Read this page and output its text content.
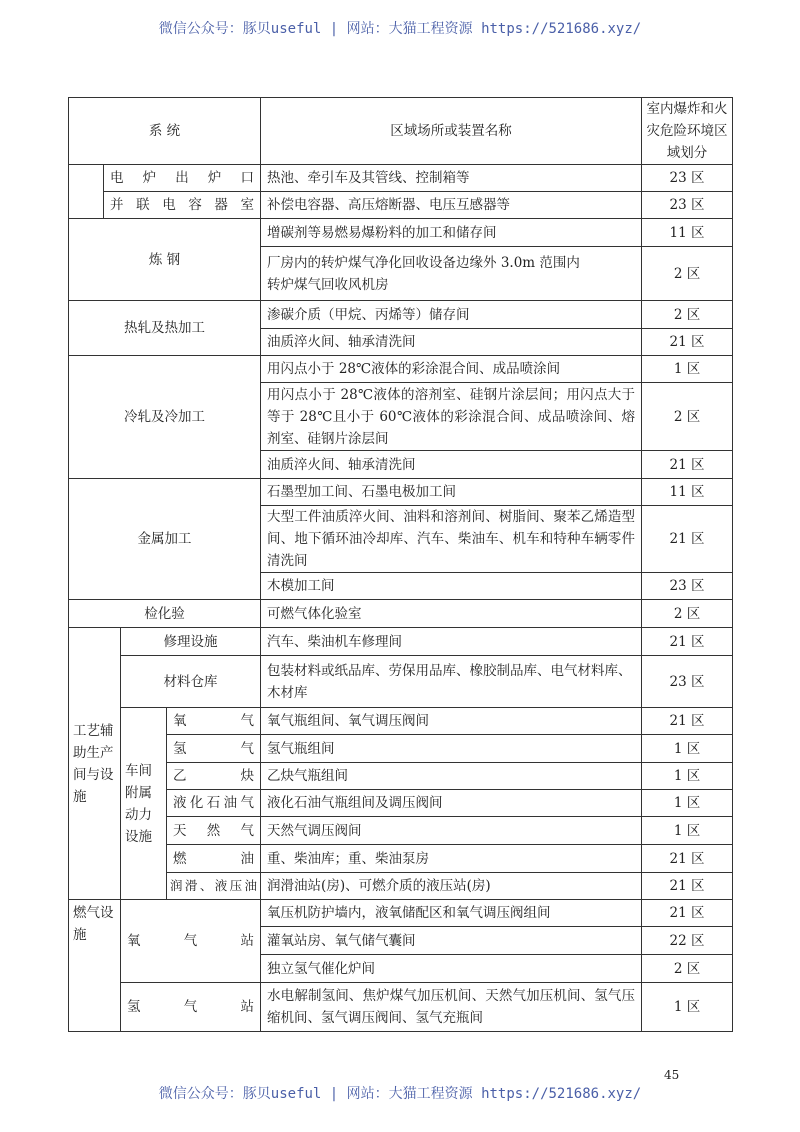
微信公众号：豚贝useful | 网站：大猫工程资源 https://521686.xyz/
系 统				区域场所或装置名称	室内爆炸和火灾危险环境区域划分
	电炉出炉口			热池、牵引车及其管线、控制箱等	23 区
	并联电容器室			补偿电容器、高压熔断器、电压互感器等	23 区
炼 钢				增碳剂等易燃易爆粉料的加工和储存间	11 区

				厂房内的转炉煤气净化回收设备边缘外 3.0m 范围内
转炉煤气回收风机房	2 区
热轧及热加工				渗碳介质（甲烷、丙烯等）储存间	2 区
				油质淬火间、轴承清洗间	21 区
冷轧及冷加工				用闪点小于 28℃液体的彩涂混合间、成品喷涂间	1 区
				用闪点小于 28℃液体的溶剂室、硅钢片涂层间；用闪点大于等于 28℃且小于 60℃液体的彩涂混合间、成品喷涂间、熔剂室、硅钢片涂层间	2 区
				油质淬火间、轴承清洗间	21 区
金属加工				石墨型加工间、石墨电极加工间	11 区
				大型工件油质淬火间、油料和溶剂间、树脂间、聚苯乙烯造型间、地下循环油冷却库、汽车、柴油车、机车和特种车辆零件清洗间	21 区
				木模加工间	23 区
检化验				可燃气体化验室	2 区
工艺辅助生产间与设施		修理设施		汽车、柴油机车修理间	21 区
		材料仓库		包装材料或纸品库、劳保用品库、橡胶制品库、电气材料库、木材库	23 区
		车间附属动力设施	氧气	氧气瓶组间、氧气调压阀间	21 区
			氢气	氢气瓶组间	1 区
			乙炔	乙炔气瓶组间	1 区
			液化石油气	液化石油气瓶组间及调压阀间	1 区
			天然气	天然气调压阀间	1 区
			燃油	重、柴油库；重、柴油泵房	21 区
			润滑、液压油	润滑油站(房)、可燃介质的液压站(房)	21 区
燃气设施		氧气站		氧压机防护墙内，液氧储配区和氧气调压阀组间	21 区
				灌氧站房、氧气储气囊间	22 区
				独立氢气催化炉间	2 区
		氢气站		水电解制氢间、焦炉煤气加压机间、天然气加压机间、氢气压缩机间、氢气调压阀间、氢气充瓶间	1 区
45
微信公众号：豚贝useful | 网站：大猫工程资源 https://521686.xyz/
